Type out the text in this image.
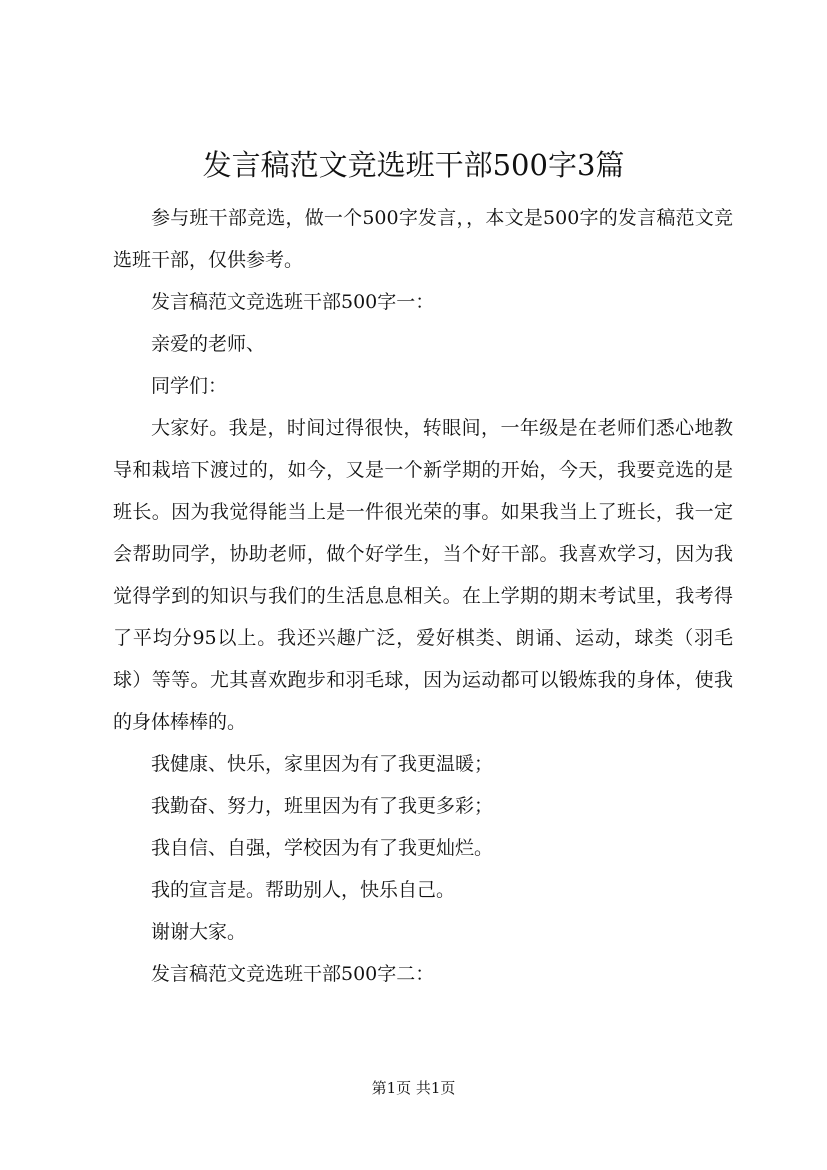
发言稿范文竞选班干部500字3篇

参与班干部竞选，做一个500字发言，，本文是500字的发言稿范文竞选班干部，仅供参考。

发言稿范文竞选班干部500字一：

亲爱的老师、

同学们：

大家好。我是，时间过得很快，转眼间，一年级是在老师们悉心地教导和栽培下渡过的，如今，又是一个新学期的开始，今天，我要竞选的是班长。因为我觉得能当上是一件很光荣的事。如果我当上了班长，我一定会帮助同学，协助老师，做个好学生，当个好干部。我喜欢学习，因为我觉得学到的知识与我们的生活息息相关。在上学期的期末考试里，我考得了平均分95以上。我还兴趣广泛，爱好棋类、朗诵、运动，球类（羽毛球）等等。尤其喜欢跑步和羽毛球，因为运动都可以锻炼我的身体，使我的身体棒棒的。

我健康、快乐，家里因为有了我更温暖；

我勤奋、努力，班里因为有了我更多彩；

我自信、自强，学校因为有了我更灿烂。

我的宣言是。帮助别人，快乐自己。

谢谢大家。

发言稿范文竞选班干部500字二：

第1页 共1页
